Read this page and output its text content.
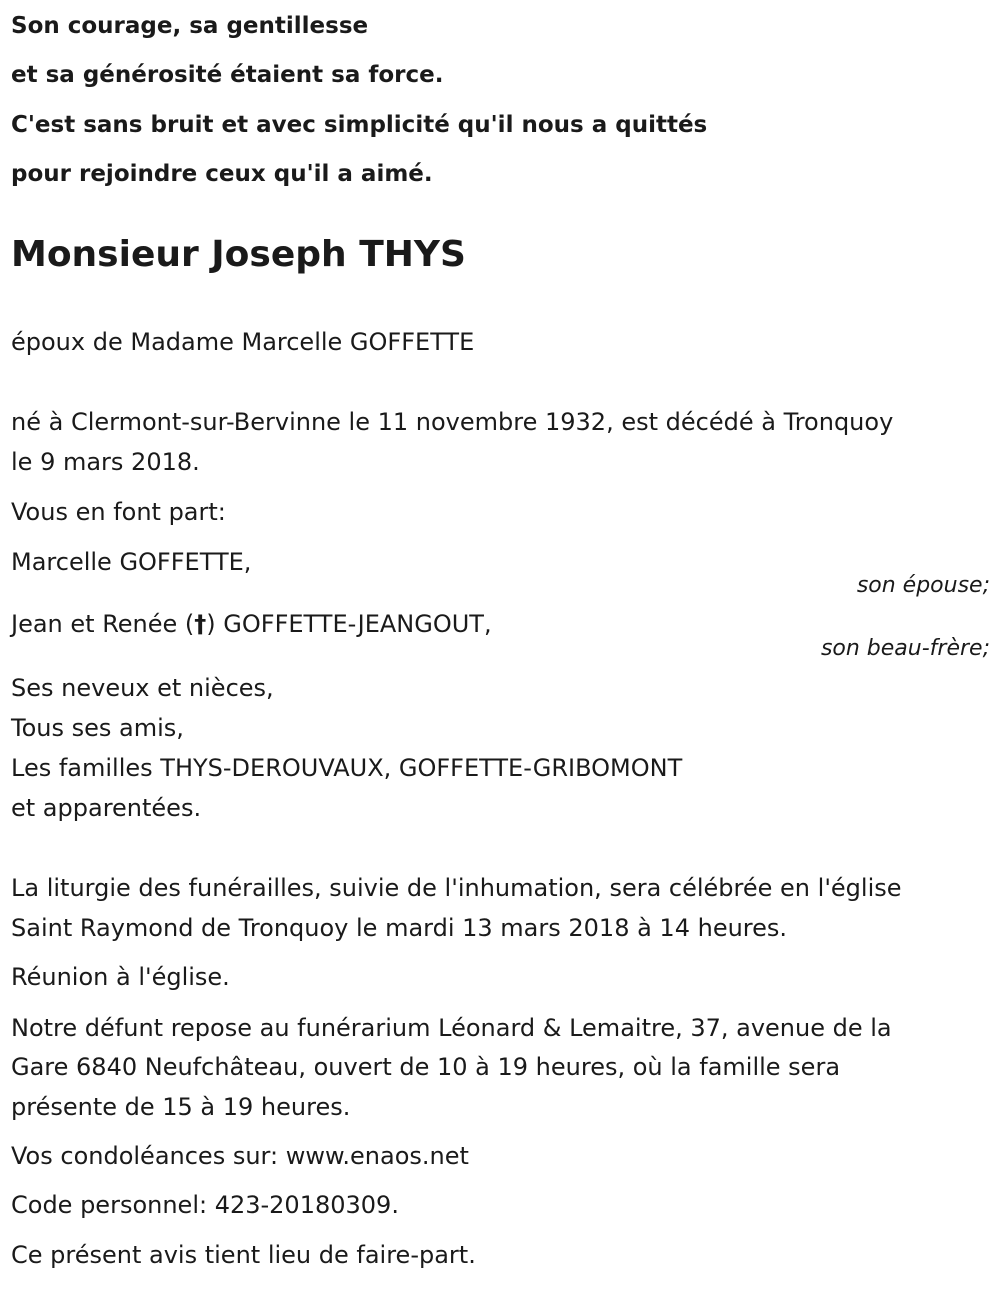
Son courage, sa gentillesse
et sa générosité étaient sa force.
C'est sans bruit et avec simplicité qu'il nous a quittés
pour rejoindre ceux qu'il a aimé.
Monsieur Joseph THYS
époux de Madame Marcelle GOFFETTE
né à Clermont-sur-Bervinne le 11 novembre 1932, est décédé à Tronquoy
le 9 mars 2018.
Vous en font part:
Marcelle GOFFETTE,
son épouse;
Jean et Renée (†) GOFFETTE-JEANGOUT,
son beau-frère;
Ses neveux et nièces,
Tous ses amis,
Les familles THYS-DEROUVAUX, GOFFETTE-GRIBOMONT
et apparentées.
La liturgie des funérailles, suivie de l'inhumation, sera célébrée en l'église
Saint Raymond de Tronquoy le mardi 13 mars 2018 à 14 heures.
Réunion à l'église.
Notre défunt repose au funérarium Léonard & Lemaitre, 37, avenue de la
Gare 6840 Neufchâteau, ouvert de 10 à 19 heures, où la famille sera
présente de 15 à 19 heures.
Vos condoléances sur: www.enaos.net
Code personnel: 423-20180309.
Ce présent avis tient lieu de faire-part.
